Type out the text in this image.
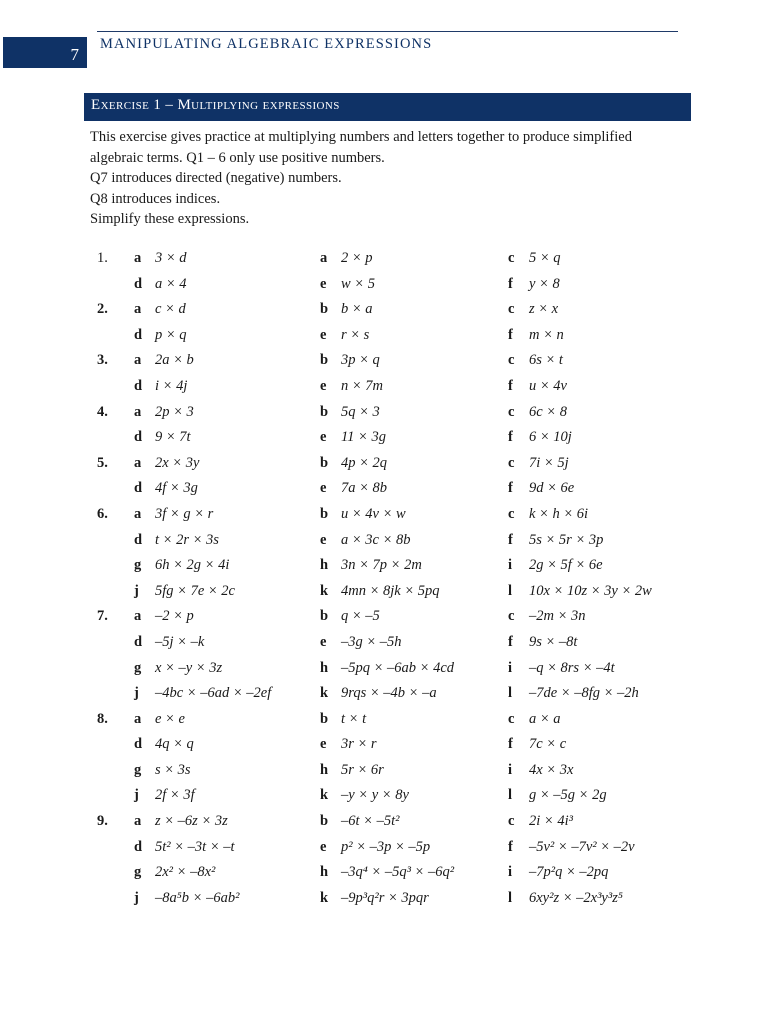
7
MANIPULATING ALGEBRAIC EXPRESSIONS
Exercise 1 – Multiplying expressions
This exercise gives practice at multiplying numbers and letters together to produce simplified
algebraic terms. Q1 – 6 only use positive numbers.
Q7 introduces directed (negative) numbers.
Q8 introduces indices.
Simplify these expressions.
1. a 3 × d	a 2 × p	c 5 × q
d a × 4	e w × 5	f y × 8
2. a c × d	b b × a	c z × x
d p × q	e r × s	f m × n
3. a 2a × b	b 3p × q	c 6s × t
d i × 4j	e n × 7m	f u × 4v
4. a 2p × 3	b 5q × 3	c 6c × 8
d 9 × 7t	e 11 × 3g	f 6 × 10j
5. a 2x × 3y	b 4p × 2q	c 7i × 5j
d 4f × 3g	e 7a × 8b	f 9d × 6e
6. a 3f × g × r	b u × 4v × w	c k × h × 6i
d t × 2r × 3s	e a × 3c × 8b	f 5s × 5r × 3p
g 6h × 2g × 4i	h 3n × 7p × 2m	i 2g × 5f × 6e
j 5fg × 7e × 2c	k 4mn × 8jk × 5pq	l 10x × 10z × 3y × 2w
7. a –2 × p	b q × –5	c –2m × 3n
d –5j × –k	e –3g × –5h	f 9s × –8t
g x × –y × 3z	h –5pq × –6ab × 4cd	i –q × 8rs × –4t
j –4bc × –6ad × –2ef	k 9rqs × –4b × –a	l –7de × –8fg × –2h
8. a e × e	b t × t	c a × a
d 4q × q	e 3r × r	f 7c × c
g s × 3s	h 5r × 6r	i 4x × 3x
j 2f × 3f	k –y × y × 8y	l g × –5g × 2g
9. a z × –6z × 3z	b –6t × –5t²	c 2i × 4i³
d 5t² × –3t × –t	e p² × –3p × –5p	f –5v² × –7v² × –2v
g 2x² × –8x²	h –3q⁴ × –5q³ × –6q²	i –7p²q × –2pq
j –8a⁵b × –6ab²	k –9p³q²r × 3pqr	l 6xy²z × –2x³y³z⁵
